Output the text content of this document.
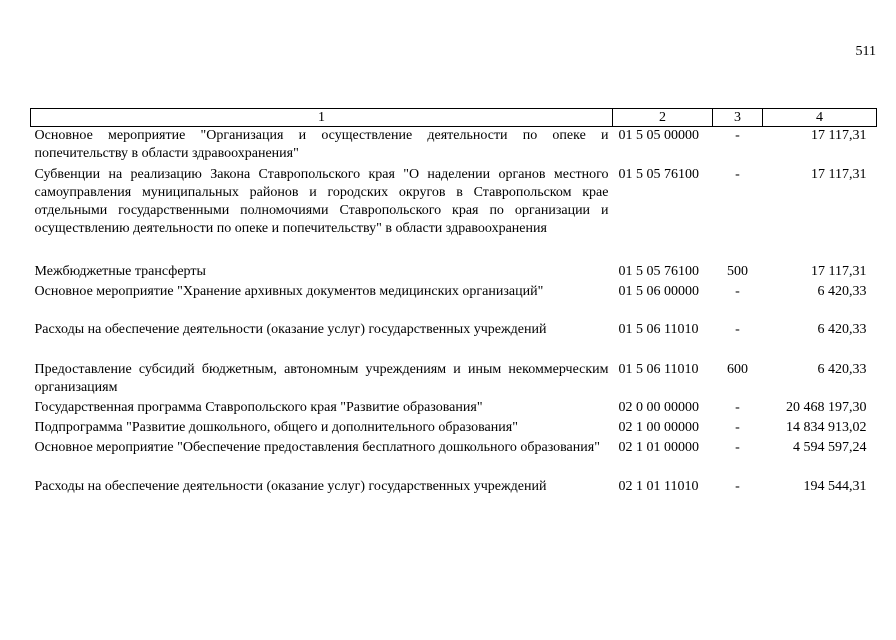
511
1	2	3	4
Основное мероприятие "Организация и осуществление деятельности по опеке и попечительству в области здравоохранения"	01 5 05 00000	-	17 117,31
Субвенции на реализацию Закона Ставропольского края "О наделении органов местного самоуправления муниципальных районов и городских округов в Ставропольском крае отдельными государственными полномочиями Ставропольского края по организации и осуществлению деятельности по опеке и попечительству" в области здравоохранения	01 5 05 76100	-	17 117,31
Межбюджетные трансферты	01 5 05 76100	500	17 117,31
Основное мероприятие "Хранение архивных документов медицинских организаций"	01 5 06 00000	-	6 420,33
Расходы на обеспечение деятельности (оказание услуг) государственных учреждений	01 5 06 11010	-	6 420,33
Предоставление субсидий бюджетным, автономным учреждениям и иным некоммерческим организациям	01 5 06 11010	600	6 420,33
Государственная программа Ставропольского края "Развитие образования"	02 0 00 00000	-	20 468 197,30
Подпрограмма "Развитие дошкольного, общего и дополнительного образования"	02 1 00 00000	-	14 834 913,02
Основное мероприятие "Обеспечение предоставления бесплатного дошкольного образования"	02 1 01 00000	-	4 594 597,24
Расходы на обеспечение деятельности (оказание услуг) государственных учреждений	02 1 01 11010	-	194 544,31
